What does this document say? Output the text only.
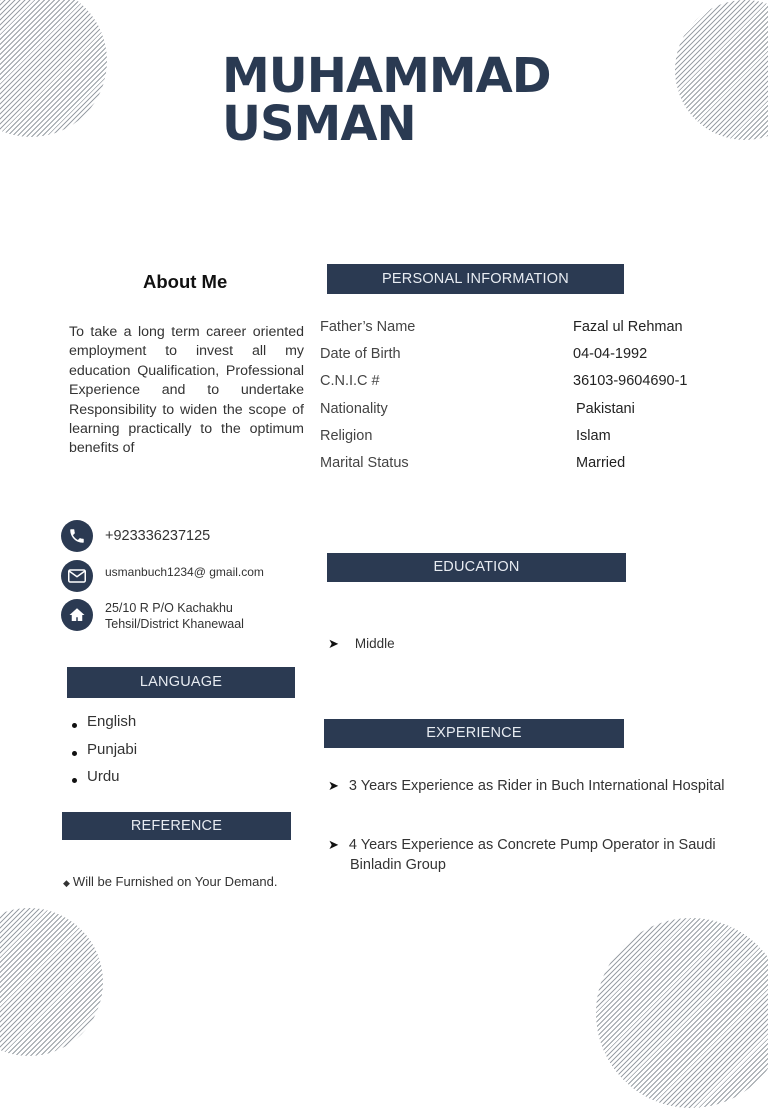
MUHAMMAD
USMAN
About Me

To take a long term career oriented employment to invest all my education Qualification, Professional Experience and to undertake Responsibility to widen the scope of learning practically to the optimum benefits of

PERSONAL INFORMATION
Father’s Name	Fazal ul Rehman
Date of Birth	04-04-1992
C.N.I.C #	36103-9604690-1
Nationality	Pakistani
Religion	Islam
Marital Status	Married
+923336237125
usmanbuch1234@ gmail.com
25/10 R P/O Kachakhu
Tehsil/District Khanewaal
EDUCATION
➤ Middle
LANGUAGE
English
Punjabi
Urdu
EXPERIENCE
➤ 3 Years Experience as Rider in Buch International Hospital
➤ 4 Years Experience as Concrete Pump Operator in Saudi Binladin Group
REFERENCE
◆ Will be Furnished on Your Demand.
